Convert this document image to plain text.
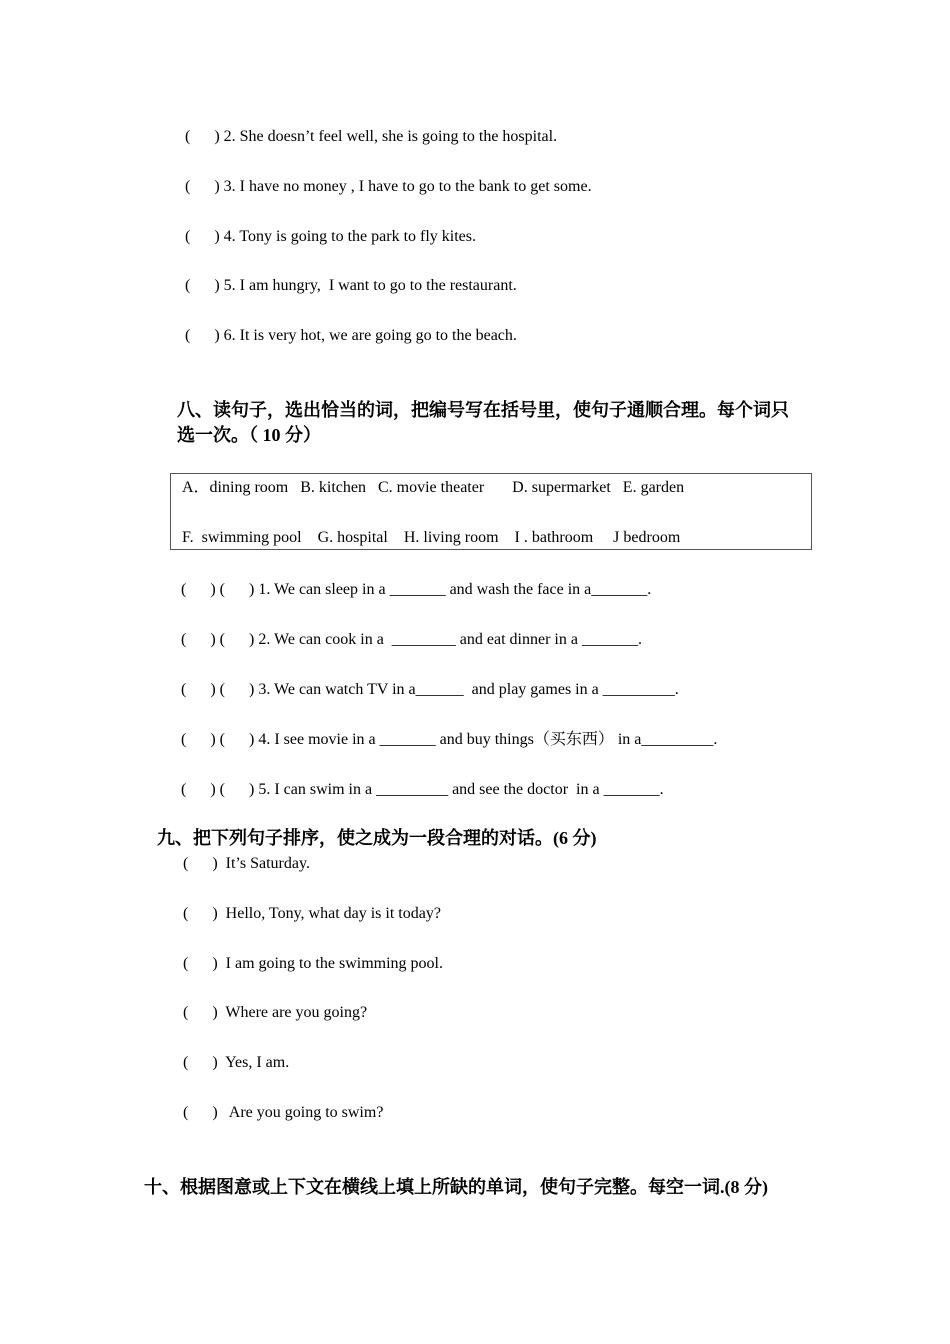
(      ) 2. She doesn’t feel well, she is going to the hospital.
(      ) 3. I have no money , I have to go to the bank to get some.
(      ) 4. Tony is going to the park to fly kites.
(      ) 5. I am hungry,  I want to go to the restaurant.
(      ) 6. It is very hot, we are going go to the beach.
八、读句子，选出恰当的词，把编号写在括号里，使句子通顺合理。每个词只
选一次。（ 10 分）
A．dining room   B. kitchen   C. movie theater       D. supermarket   E. garden
F.  swimming pool    G. hospital    H. living room    I . bathroom     J bedroom
(      ) (      ) 1. We can sleep in a _______ and wash the face in a_______.
(      ) (      ) 2. We can cook in a  ________ and eat dinner in a _______.
(      ) (      ) 3. We can watch TV in a______  and play games in a _________.
(      ) (      ) 4. I see movie in a _______ and buy things（买东西） in a_________.
(      ) (      ) 5. I can swim in a _________ and see the doctor  in a _______.
九、把下列句子排序，使之成为一段合理的对话。(6 分)
(      )  It’s Saturday.
(      )  Hello, Tony, what day is it today?
(      )  I am going to the swimming pool.
(      )  Where are you going?
(      )  Yes, I am.
(      )   Are you going to swim?
十、根据图意或上下文在横线上填上所缺的单词，使句子完整。每空一词.(8 分)
